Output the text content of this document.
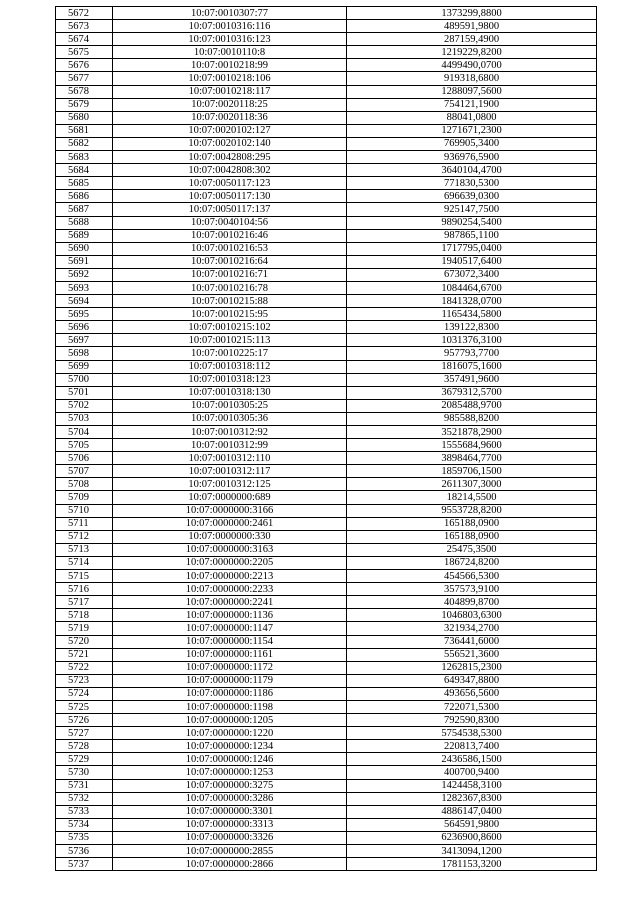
5672	10:07:0010307:77	1373299,8800
5673	10:07:0010316:116	489591,9800
5674	10:07:0010316:123	287159,4900
5675	10:07:0010110:8	1219229,8200
5676	10:07:0010218:99	4499490,0700
5677	10:07:0010218:106	919318,6800
5678	10:07:0010218:117	1288097,5600
5679	10:07:0020118:25	754121,1900
5680	10:07:0020118:36	88041,0800
5681	10:07:0020102:127	1271671,2300
5682	10:07:0020102:140	769905,3400
5683	10:07:0042808:295	936976,5900
5684	10:07:0042808:302	3640104,4700
5685	10:07:0050117:123	771830,5300
5686	10:07:0050117:130	696639,0300
5687	10:07:0050117:137	925147,7500
5688	10:07:0040104:56	9890254,5400
5689	10:07:0010216:46	987865,1100
5690	10:07:0010216:53	1717795,0400
5691	10:07:0010216:64	1940517,6400
5692	10:07:0010216:71	673072,3400
5693	10:07:0010216:78	1084464,6700
5694	10:07:0010215:88	1841328,0700
5695	10:07:0010215:95	1165434,5800
5696	10:07:0010215:102	139122,8300
5697	10:07:0010215:113	1031376,3100
5698	10:07:0010225:17	957793,7700
5699	10:07:0010318:112	1816075,1600
5700	10:07:0010318:123	357491,9600
5701	10:07:0010318:130	3679312,5700
5702	10:07:0010305:25	2085488,9700
5703	10:07:0010305:36	985588,8200
5704	10:07:0010312:92	3521878,2900
5705	10:07:0010312:99	1555684,9600
5706	10:07:0010312:110	3898464,7700
5707	10:07:0010312:117	1859706,1500
5708	10:07:0010312:125	2611307,3000
5709	10:07:0000000:689	18214,5500
5710	10:07:0000000:3166	9553728,8200
5711	10:07:0000000:2461	165188,0900
5712	10:07:0000000:330	165188,0900
5713	10:07:0000000:3163	25475,3500
5714	10:07:0000000:2205	186724,8200
5715	10:07:0000000:2213	454566,5300
5716	10:07:0000000:2233	357573,9100
5717	10:07:0000000:2241	404899,8700
5718	10:07:0000000:1136	1046803,6300
5719	10:07:0000000:1147	321934,2700
5720	10:07:0000000:1154	736441,6000
5721	10:07:0000000:1161	556521,3600
5722	10:07:0000000:1172	1262815,2300
5723	10:07:0000000:1179	649347,8800
5724	10:07:0000000:1186	493656,5600
5725	10:07:0000000:1198	722071,5300
5726	10:07:0000000:1205	792590,8300
5727	10:07:0000000:1220	5754538,5300
5728	10:07:0000000:1234	220813,7400
5729	10:07:0000000:1246	2436586,1500
5730	10:07:0000000:1253	400700,9400
5731	10:07:0000000:3275	1424458,3100
5732	10:07:0000000:3286	1282367,8300
5733	10:07:0000000:3301	4886147,0400
5734	10:07:0000000:3313	564591,9800
5735	10:07:0000000:3326	6236900,8600
5736	10:07:0000000:2855	3413094,1200
5737	10:07:0000000:2866	1781153,3200
